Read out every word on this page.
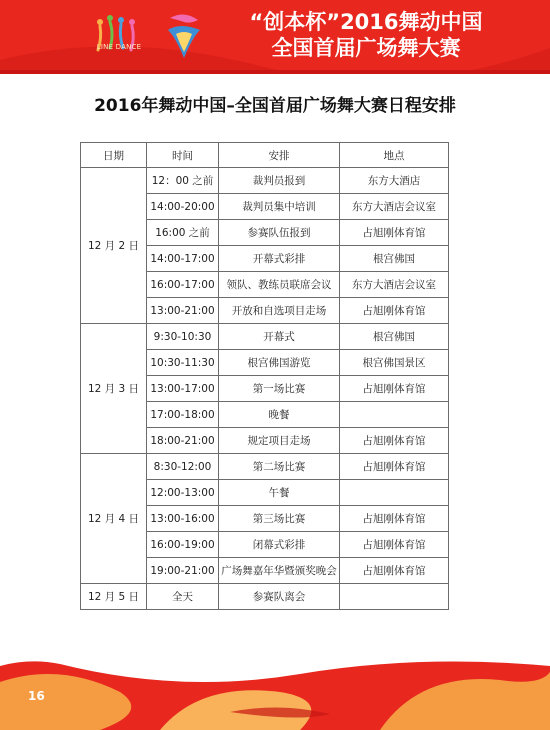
LINE DANCE
“创本杯”2016舞动中国
全国首届广场舞大赛
2016年舞动中国–全国首届广场舞大赛日程安排
日期	时间	安排	地点
12 月 2 日	12：00 之前	裁判员报到	东方大酒店
	14:00-20:00	裁判员集中培训	东方大酒店会议室
	16:00 之前	参赛队伍报到	占旭刚体育馆
	14:00-17:00	开幕式彩排	根宫佛国
	16:00-17:00	领队、教练员联席会议	东方大酒店会议室
	13:00-21:00	开放和自选项目走场	占旭刚体育馆
12 月 3 日	9:30-10:30	开幕式	根宫佛国
	10:30-11:30	根宫佛国游览	根宫佛国景区
	13:00-17:00	第一场比赛	占旭刚体育馆
	17:00-18:00	晚餐	
	18:00-21:00	规定项目走场	占旭刚体育馆
12 月 4 日	8:30-12:00	第二场比赛	占旭刚体育馆
	12:00-13:00	午餐	
	13:00-16:00	第三场比赛	占旭刚体育馆
	16:00-19:00	闭幕式彩排	占旭刚体育馆
	19:00-21:00	广场舞嘉年华暨颁奖晚会	占旭刚体育馆
12 月 5 日	全天	参赛队离会	
16
